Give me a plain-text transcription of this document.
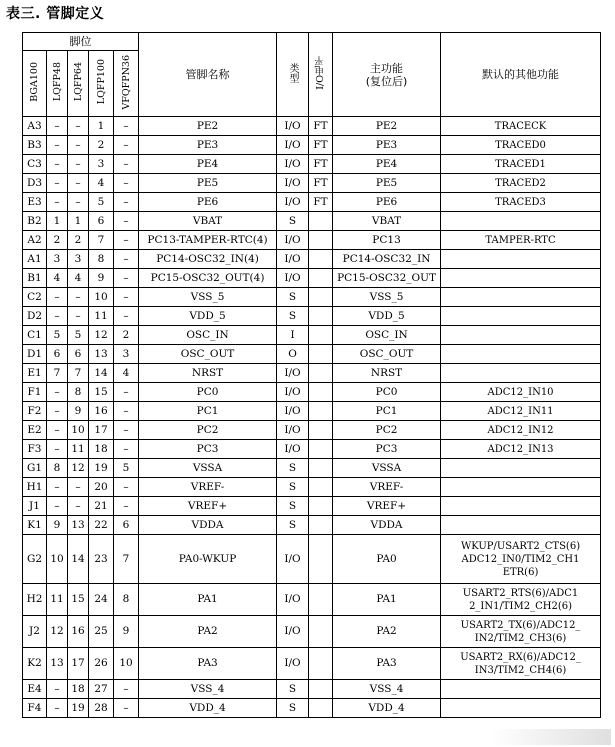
表三. 管脚定义
脚位					管脚名称	类型	I/O电平	主功能
(复位后)	默认的其他功能
BGA100	LQFP48	LQFP64	LQFP100	VFQFPN36					
A3	–	–	1	–	PE2	I/O	FT	PE2	TRACECK
B3	–	–	2	–	PE3	I/O	FT	PE3	TRACED0
C3	–	–	3	–	PE4	I/O	FT	PE4	TRACED1
D3	–	–	4	–	PE5	I/O	FT	PE5	TRACED2
E3	–	–	5	–	PE6	I/O	FT	PE6	TRACED3
B2	1	1	6	–	VBAT	S		VBAT	
A2	2	2	7	–	PC13-TAMPER-RTC(4)	I/O		PC13	TAMPER-RTC
A1	3	3	8	–	PC14-OSC32_IN(4)	I/O		PC14-OSC32_IN	
B1	4	4	9	–	PC15-OSC32_OUT(4)	I/O		PC15-OSC32_OUT	
C2	–	–	10	–	VSS_5	S		VSS_5	
D2	–	–	11	–	VDD_5	S		VDD_5	
C1	5	5	12	2	OSC_IN	I		OSC_IN	
D1	6	6	13	3	OSC_OUT	O		OSC_OUT	
E1	7	7	14	4	NRST	I/O		NRST	
F1	–	8	15	–	PC0	I/O		PC0	ADC12_IN10
F2	–	9	16	–	PC1	I/O		PC1	ADC12_IN11
E2	–	10	17	–	PC2	I/O		PC2	ADC12_IN12
F3	–	11	18	–	PC3	I/O		PC3	ADC12_IN13
G1	8	12	19	5	VSSA	S		VSSA	
H1	–	–	20	–	VREF-	S		VREF-	
J1	–	–	21	–	VREF+	S		VREF+	
K1	9	13	22	6	VDDA	S		VDDA	
G2	10	14	23	7	PA0-WKUP	I/O		PA0	WKUP/USART2_CTS(6)
ADC12_IN0/TIM2_CH1
ETR(6)
H2	11	15	24	8	PA1	I/O		PA1	USART2_RTS(6)/ADC1
2_IN1/TIM2_CH2(6)
J2	12	16	25	9	PA2	I/O		PA2	USART2_TX(6)/ADC12_
IN2/TIM2_CH3(6)
K2	13	17	26	10	PA3	I/O		PA3	USART2_RX(6)/ADC12_
IN3/TIM2_CH4(6)
E4	–	18	27	–	VSS_4	S		VSS_4	
F4	–	19	28	–	VDD_4	S		VDD_4	
